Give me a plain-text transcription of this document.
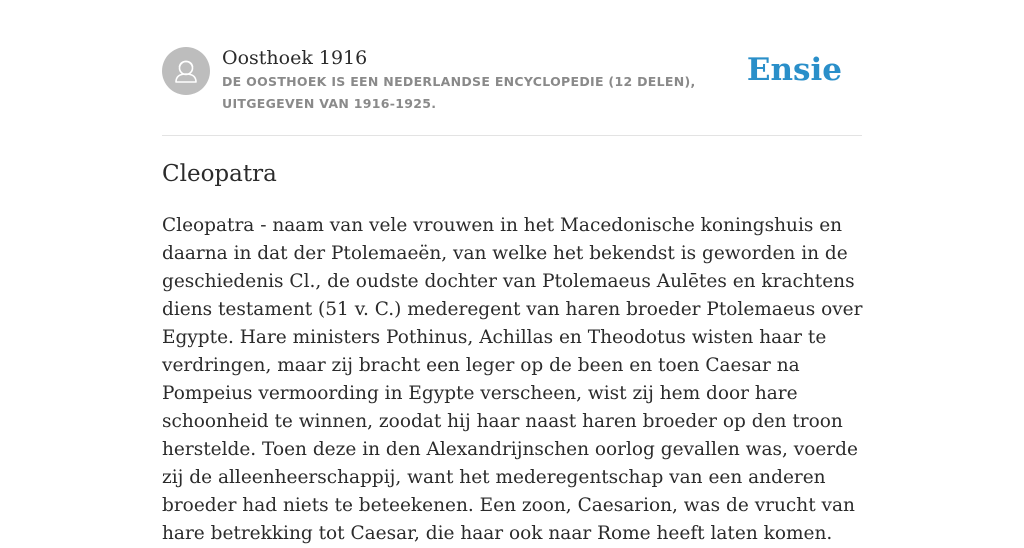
Oosthoek 1916
DE OOSTHOEK IS EEN NEDERLANDSE ENCYCLOPEDIE (12 DELEN), UITGEGEVEN VAN 1916-1925.
Ensie
Cleopatra

Cleopatra - naam van vele vrouwen in het Macedonische koningshuis en daarna in dat der Ptolemaeën, van welke het bekendst is geworden in de geschiedenis Cl., de oudste dochter van Ptolemaeus Aulētes en krachtens diens testament (51 v. C.) mederegent van haren broeder Ptolemaeus over Egypte. Hare ministers Pothinus, Achillas en Theodotus wisten haar te verdringen, maar zij bracht een leger op de been en toen Caesar na Pompeius vermoording in Egypte verscheen, wist zij hem door hare schoonheid te winnen, zoodat hij haar naast haren broeder op den troon herstelde. Toen deze in den Alexandrijnschen oorlog gevallen was, voerde zij de alleenheerschappij, want het mederegentschap van een anderen broeder had niets te beteekenen. Een zoon, Caesarion, was de vrucht van hare betrekking tot Caesar, die haar ook naar Rome heeft laten komen.
